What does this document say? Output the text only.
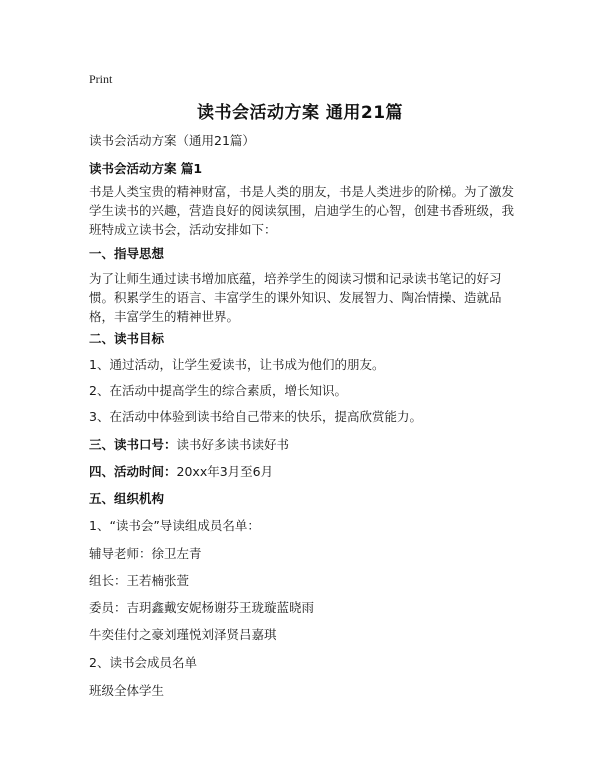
Print
读书会活动方案 通用21篇
读书会活动方案（通用21篇）
读书会活动方案 篇1
书是人类宝贵的精神财富，书是人类的朋友，书是人类进步的阶梯。为了激发学生读书的兴趣，营造良好的阅读氛围，启迪学生的心智，创建书香班级，我班特成立读书会，活动安排如下：
一、指导思想
为了让师生通过读书增加底蕴，培养学生的阅读习惯和记录读书笔记的好习惯。积累学生的语言、丰富学生的课外知识、发展智力、陶冶情操、造就品格，丰富学生的精神世界。
二、读书目标
1、通过活动，让学生爱读书，让书成为他们的朋友。
2、在活动中提高学生的综合素质，增长知识。
3、在活动中体验到读书给自己带来的快乐，提高欣赏能力。
三、读书口号：读书好多读书读好书
四、活动时间：20xx年3月至6月
五、组织机构
1、“读书会”导读组成员名单：
辅导老师：徐卫左青
组长：王若楠张萱
委员：吉玥鑫戴安妮杨谢芬王珑璇蓝晓雨
牛奕佳付之豪刘瑾悦刘泽贤吕嘉琪
2、读书会成员名单
班级全体学生
